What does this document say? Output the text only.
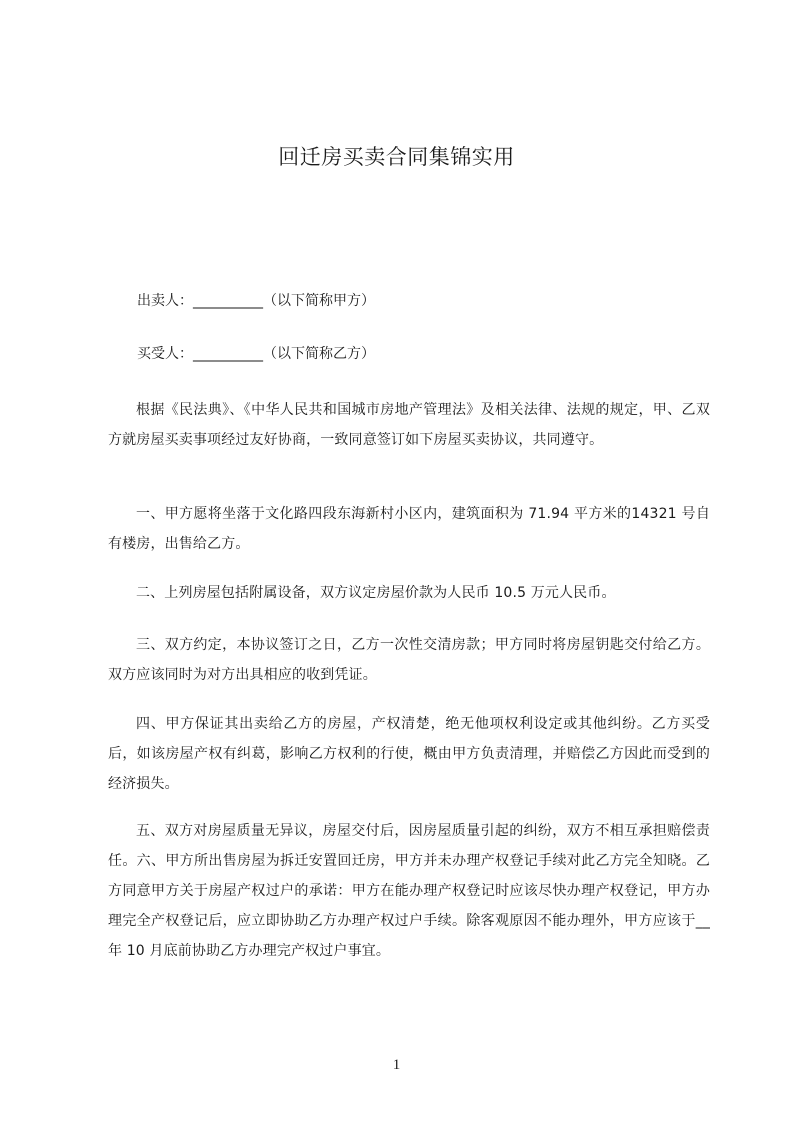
回迁房买卖合同集锦实用
出卖人：__________（以下简称甲方）
买受人：__________（以下简称乙方）
根据《民法典》、《中华人民共和国城市房地产管理法》及相关法律、法规的规定，甲、乙双方就房屋买卖事项经过友好协商，一致同意签订如下房屋买卖协议，共同遵守。
一、甲方愿将坐落于文化路四段东海新村小区内，建筑面积为 71.94 平方米的14321 号自有楼房，出售给乙方。
二、上列房屋包括附属设备，双方议定房屋价款为人民币 10.5 万元人民币。
三、双方约定，本协议签订之日，乙方一次性交清房款；甲方同时将房屋钥匙交付给乙方。双方应该同时为对方出具相应的收到凭证。
四、甲方保证其出卖给乙方的房屋，产权清楚，绝无他项权利设定或其他纠纷。乙方买受后，如该房屋产权有纠葛，影响乙方权利的行使，概由甲方负责清理，并赔偿乙方因此而受到的经济损失。
五、双方对房屋质量无异议，房屋交付后，因房屋质量引起的纠纷，双方不相互承担赔偿责任。六、甲方所出售房屋为拆迁安置回迁房，甲方并未办理产权登记手续对此乙方完全知晓。乙方同意甲方关于房屋产权过户的承诺：甲方在能办理产权登记时应该尽快办理产权登记，甲方办理完全产权登记后，应立即协助乙方办理产权过户手续。除客观原因不能办理外，甲方应该于__年 10 月底前协助乙方办理完产权过户事宜。
1
